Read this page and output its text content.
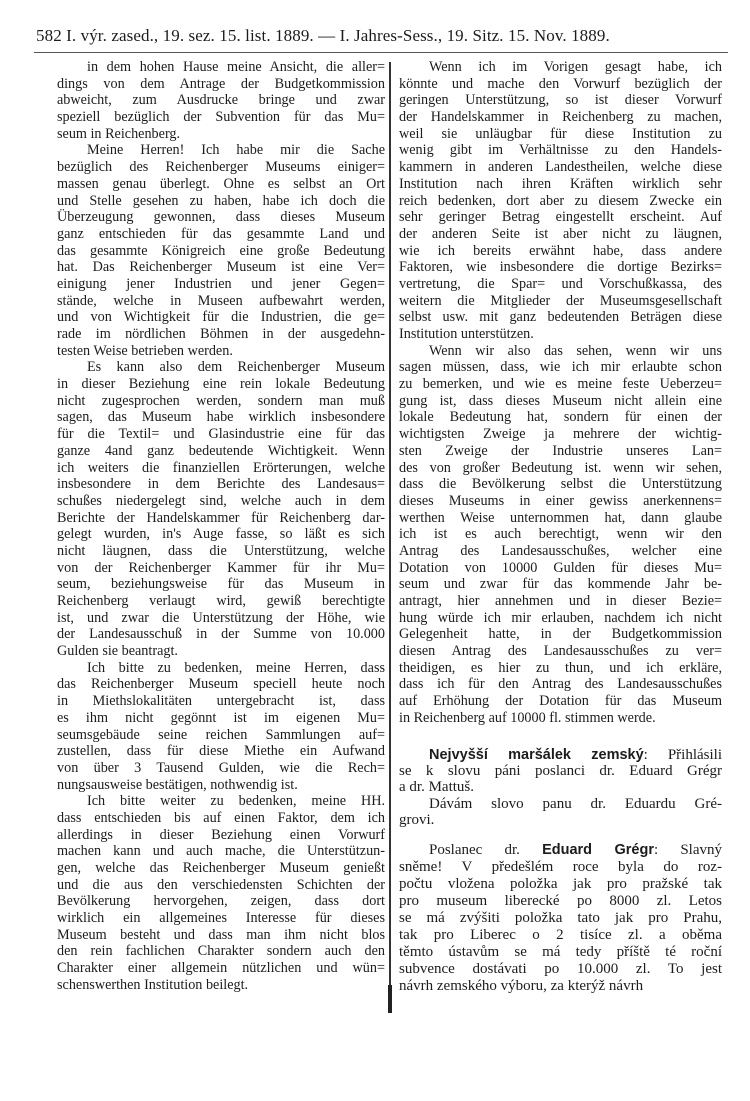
582 I. výr. zased., 19. sez. 15. list. 1889. — I. Jahres-Sess., 19. Sitz. 15. Nov. 1889.
in dem hohen Hause meine Ansicht, die aller=
dings von dem Antrage der Budgetkommission
abweicht, zum Ausdrucke bringe und zwar
speziell bezüglich der Subvention für das Mu=
seum in Reichenberg.
Meine Herren! Ich habe mir die Sache
bezüglich des Reichenberger Museums einiger=
massen genau überlegt. Ohne es selbst an Ort
und Stelle gesehen zu haben, habe ich doch die
Überzeugung gewonnen, dass dieses Museum
ganz entschieden für das gesammte Land und
das gesammte Königreich eine große Bedeutung
hat. Das Reichenberger Museum ist eine Ver=
einigung jener Industrien und jener Gegen=
stände, welche in Museen aufbewahrt werden,
und von Wichtigkeit für die Industrien, die ge=
rade im nördlichen Böhmen in der ausgedehn-
testen Weise betrieben werden.
Es kann also dem Reichenberger Museum
in dieser Beziehung eine rein lokale Bedeutung
nicht zugesprochen werden, sondern man muß
sagen, das Museum habe wirklich insbesondere
für die Textil= und Glasindustrie eine für das
ganze 4and ganz bedeutende Wichtigkeit. Wenn
ich weiters die finanziellen Erörterungen, welche
insbesondere in dem Berichte des Landesaus=
schußes niedergelegt sind, welche auch in dem
Berichte der Handelskammer für Reichenberg dar-
gelegt wurden, in's Auge fasse, so läßt es sich
nicht läugnen, dass die Unterstützung, welche
von der Reichenberger Kammer für ihr Mu=
seum, beziehungsweise für das Museum in
Reichenberg verlaugt wird, gewiß berechtigte
ist, und zwar die Unterstützung der Höhe, wie
der Landesausschuß in der Summe von 10.000
Gulden sie beantragt.
Ich bitte zu bedenken, meine Herren, dass
das Reichenberger Museum speciell heute noch
in Miethslokalitäten untergebracht ist, dass
es ihm nicht gegönnt ist im eigenen Mu=
seumsgebäude seine reichen Sammlungen auf=
zustellen, dass für diese Miethe ein Aufwand
von über 3 Tausend Gulden, wie die Rech=
nungsausweise bestätigen, nothwendig ist.
Ich bitte weiter zu bedenken, meine HH.
dass entschieden bis auf einen Faktor, dem ich
allerdings in dieser Beziehung einen Vorwurf
machen kann und auch mache, die Unterstützun-
gen, welche das Reichenberger Museum genießt
und die aus den verschiedensten Schichten der
Bevölkerung hervorgehen, zeigen, dass dort
wirklich ein allgemeines Interesse für dieses
Museum besteht und dass man ihm nicht blos
den rein fachlichen Charakter sondern auch den
Charakter einer allgemein nützlichen und wün=
schenswerthen Institution beilegt.
Wenn ich im Vorigen gesagt habe, ich
könnte und mache den Vorwurf bezüglich der
geringen Unterstützung, so ist dieser Vorwurf
der Handelskammer in Reichenberg zu machen,
weil sie unläugbar für diese Institution zu
wenig gibt im Verhältnisse zu den Handels-
kammern in anderen Landestheilen, welche diese
Institution nach ihren Kräften wirklich sehr
reich bedenken, dort aber zu diesem Zwecke ein
sehr geringer Betrag eingestellt erscheint. Auf
der anderen Seite ist aber nicht zu läugnen,
wie ich bereits erwähnt habe, dass andere
Faktoren, wie insbesondere die dortige Bezirks=
vertretung, die Spar= und Vorschußkassa, des
weitern die Mitglieder der Museumsgesellschaft
selbst usw. mit ganz bedeutenden Beträgen diese
Institution unterstützen.
Wenn wir also das sehen, wenn wir uns
sagen müssen, dass, wie ich mir erlaubte schon
zu bemerken, und wie es meine feste Ueberzeu=
gung ist, dass dieses Museum nicht allein eine
lokale Bedeutung hat, sondern für einen der
wichtigsten Zweige ja mehrere der wichtig-
sten Zweige der Industrie unseres Lan=
des von großer Bedeutung ist. wenn wir sehen,
dass die Bevölkerung selbst die Unterstützung
dieses Museums in einer gewiss anerkennens=
werthen Weise unternommen hat, dann glaube
ich ist es auch berechtigt, wenn wir den
Antrag des Landesausschußes, welcher eine
Dotation von 10000 Gulden für dieses Mu=
seum und zwar für das kommende Jahr be-
antragt, hier annehmen und in dieser Bezie=
hung würde ich mir erlauben, nachdem ich nicht
Gelegenheit hatte, in der Budgetkommission
diesen Antrag des Landesausschußes zu ver=
theidigen, es hier zu thun, und ich erkläre,
dass ich für den Antrag des Landesausschußes
auf Erhöhung der Dotation für das Museum
in Reichenberg auf 10000 fl. stimmen werde.
Nejvyšší maršálek zemský: Přihlásili
se k slovu páni poslanci dr. Eduard Grégr
a dr. Mattuš.
Dávám slovo panu dr. Eduardu Gré-
grovi.
Poslanec dr. Eduard Grégr: Slavný
sněme! V předešlém roce byla do roz-
počtu vložena položka jak pro pražské tak
pro museum liberecké po 8000 zl. Letos
se má zvýšiti položka tato jak pro Prahu,
tak pro Liberec o 2 tisíce zl. a oběma
těmto ústavům se má tedy příště té roční
subvence dostávati po 10.000 zl. To jest
návrh zemského výboru, za kterýž návrh
